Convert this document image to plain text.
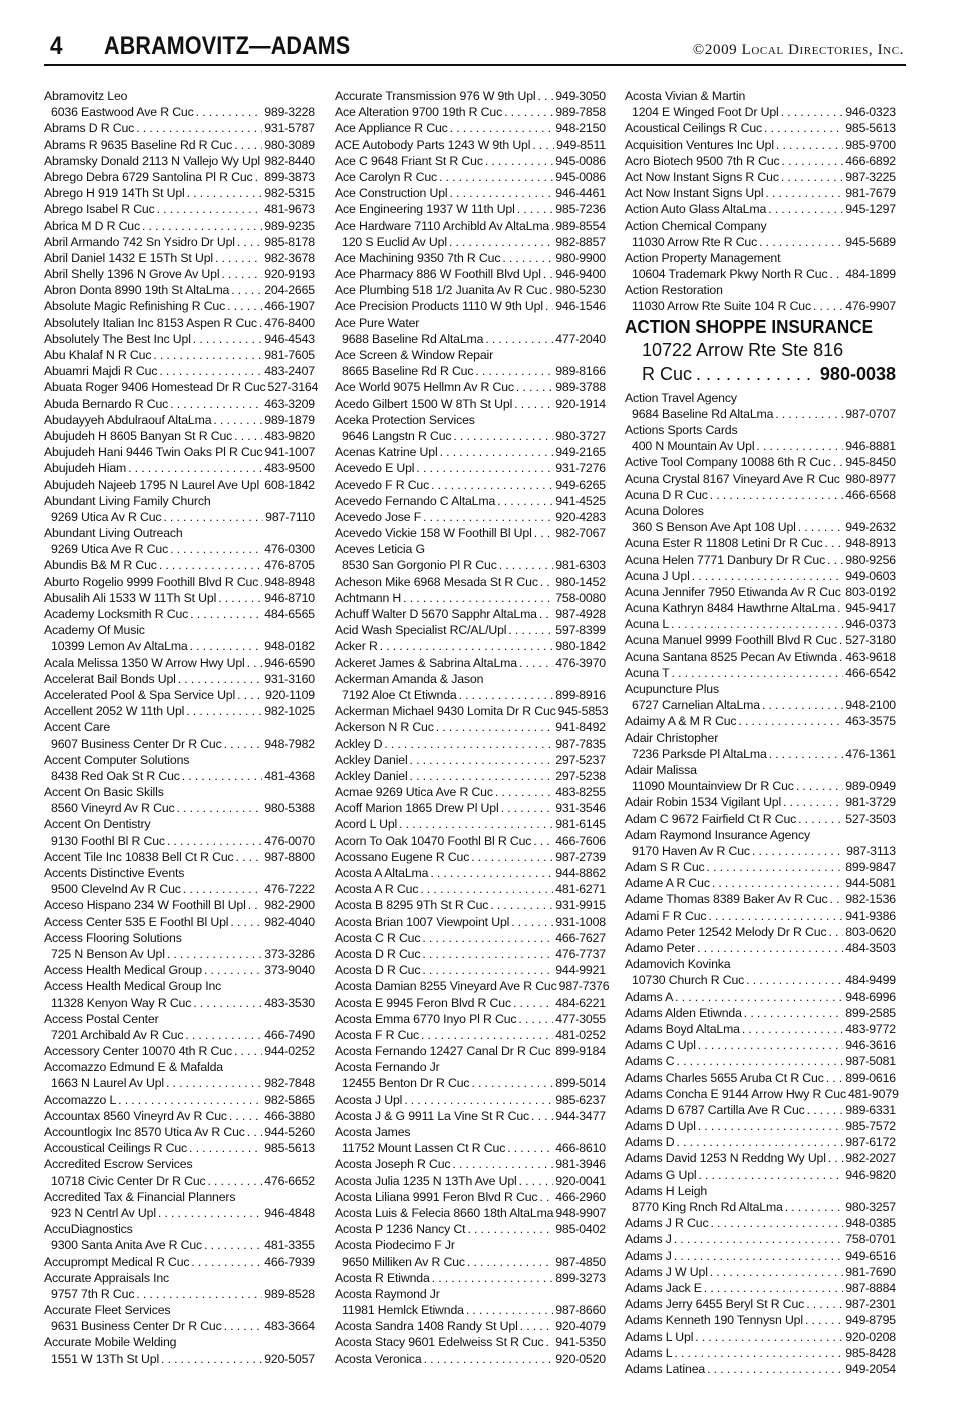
4 ABRAMOVITZ—ADAMS	©2009 Local Directories, Inc.
Abramovitz Leo
6036 Eastwood Ave R Cuc . . .	989-3228
Abrams D R Cuc . . .	931-5787
Abrams R 9635 Baseline Rd R Cuc . . .	980-3089
Abramsky Donald 2113 N Vallejo Wy Upl . . . 982-8440
Abrego Debra 6729 Santolina Pl R Cuc . . . 899-3873
Abrego H 919 14Th St Upl . . .	982-5315
Abrego Isabel R Cuc . . .	481-9673
Abrica M D R Cuc . . .	989-9235
Abril Armando 742 Sn Ysidro Dr Upl . . . 985-8178
Abril Daniel 1432 E 15Th St Upl . . .	982-3678
Abril Shelly 1396 N Grove Av Upl . . .	920-9193
Abron Donta 8990 19th St AltaLma . . .	204-2665
Absolute Magic Refinishing R Cuc . . .	466-1907
Absolutely Italian Inc 8153 Aspen R Cuc . . . 476-8400
Absolutely The Best Inc Upl . . .	946-4543
Abu Khalaf N R Cuc . . .	981-7605
Abuamri Majdi R Cuc . . .	483-2407
Abuata Roger 9406 Homestead Dr R Cuc 527-3164
Abuda Bernardo R Cuc . . .	463-3209
Abudayyeh Abdulraouf AltaLma . . .	989-1879
Abujudeh H 8605 Banyan St R Cuc . . .	483-9820
Abujudeh Hani 9446 Twin Oaks Pl R Cuc 941-1007
Abujudeh Hiam . . .	483-9500
Abujudeh Najeeb 1795 N Laurel Ave Upl . . . 608-1842
Abundant Living Family Church
9269 Utica Av R Cuc . . .	987-7110
Abundant Living Outreach
9269 Utica Ave R Cuc . . .	476-0300
Abundis B& M R Cuc . . .	476-8705
Aburto Rogelio 9999 Foothill Blvd R Cuc . . . 948-8948
Abusalih Ali 1533 W 11Th St Upl . . .	946-8710
Academy Locksmith R Cuc . . .	484-6565
Academy Of Music
10399 Lemon Av AltaLma . . .	948-0182
Acala Melissa 1350 W Arrow Hwy Upl . . . 946-6590
Accelerat Bail Bonds Upl . . .	931-3160
Accelerated Pool & Spa Service Upl . . . 920-1109
Accellent 2052 W 11th Upl . . .	982-1025
Accent Care
9607 Business Center Dr R Cuc . . .	948-7982
Accent Computer Solutions
8438 Red Oak St R Cuc . . .	481-4368
Accent On Basic Skills
8560 Vineyrd Av R Cuc . . .	980-5388
Accent On Dentistry
9130 Foothl Bl R Cuc . . .	476-0070
Accent Tile Inc 10838 Bell Ct R Cuc . . . 987-8800
Accents Distinctive Events
9500 Clevelnd Av R Cuc . . .	476-7222
Acceso Hispano 234 W Foothill Bl Upl . . . 982-2900
Access Center 535 E Foothl Bl Upl . . .	982-4040
Access Flooring Solutions
725 N Benson Av Upl . . .	373-3286
Access Health Medical Group . . .	373-9040
Access Health Medical Group Inc
11328 Kenyon Way R Cuc . . .	483-3530
Access Postal Center
7201 Archibald Av R Cuc . . .	466-7490
Accessory Center 10070 4th R Cuc . . .	944-0252
Accomazzo Edmund E & Mafalda
1663 N Laurel Av Upl . . .	982-7848
Accomazzo L . . .	982-5865
Accountax 8560 Vineyrd Av R Cuc . . .	466-3880
Accountlogix Inc 8570 Utica Av R Cuc . . . 944-5260
Accoustical Ceilings R Cuc . . .	985-5613
Accredited Escrow Services
10718 Civic Center Dr R Cuc . . .	476-6652
Accredited Tax & Financial Planners
923 N Centrl Av Upl . . .	946-4848
AccuDiagnostics
9300 Santa Anita Ave R Cuc . . .	481-3355
Accuprompt Medical R Cuc . . .	466-7939
Accurate Appraisals Inc
9757 7th R Cuc . . .	989-8528
Accurate Fleet Services
9631 Business Center Dr R Cuc . . .	483-3664
Accurate Mobile Welding
1551 W 13Th St Upl . . .	920-5057
Accurate Transmission 976 W 9th Upl . . . 949-3050
Ace Alteration 9700 19th R Cuc . . .	989-7858
Ace Appliance R Cuc . . .	948-2150
ACE Autobody Parts 1243 W 9th Upl . . . 949-8511
Ace C 9648 Friant St R Cuc . . .	945-0086
Ace Carolyn R Cuc . . .	945-0086
Ace Construction Upl . . .	946-4461
Ace Engineering 1937 W 11th Upl . . .	985-7236
Ace Hardware 7110 Archibld Av AltaLma . . . 989-8554
120 S Euclid Av Upl . . .	982-8857
Ace Machining 9350 7th R Cuc . . .	980-9900
Ace Pharmacy 886 W Foothill Blvd Upl . . . 946-9400
Ace Plumbing 518 1/2 Juanita Av R Cuc . . . 980-5230
Ace Precision Products 1110 W 9th Upl . . . 946-1546
Ace Pure Water
9688 Baseline Rd AltaLma . . .	477-2040
Ace Screen & Window Repair
8665 Baseline Rd R Cuc . . .	989-8166
Ace World 9075 Hellmn Av R Cuc . . .	989-3788
Acedo Gilbert 1500 W 8Th St Upl . . .	920-1914
Aceka Protection Services
9646 Langstn R Cuc . . .	980-3727
Acenas Katrine Upl . . .	949-2165
Acevedo E Upl . . .	931-7276
Acevedo F R Cuc . . .	949-6265
Acevedo Fernando C AltaLma . . .	941-4525
Acevedo Jose F . . .	920-4283
Acevedo Vickie 158 W Foothill Bl Upl . . . 982-7067
Aceves Leticia G
8530 San Gorgonio Pl R Cuc . . .	981-6303
Acheson Mike 6968 Mesada St R Cuc . . . 980-1452
Achtmann H . . .	758-0080
Achuff Walter D 5670 Sapphr AltaLma . . . 987-4928
Acid Wash Specialist RC/AL/Upl . . .	597-8399
Acker R . . .	980-1842
Ackeret James & Sabrina AltaLma . . .	476-3970
Ackerman Amanda & Jason
7192 Aloe Ct Etiwnda . . .	899-8916
Ackerman Michael 9430 Lomita Dr R Cuc 945-5853
Ackerson N R Cuc . . .	941-8492
Ackley D . . .	987-7835
Ackley Daniel . . .	297-5237
Ackley Daniel . . .	297-5238
Acmae 9269 Utica Ave R Cuc . . .	483-8255
Acoff Marion 1865 Drew Pl Upl . . .	931-3546
Acord L Upl . . .	981-6145
Acorn To Oak 10470 Foothl Bl R Cuc . . . 466-7606
Acossano Eugene R Cuc . . .	987-2739
Acosta A AltaLma . . .	944-8862
Acosta A R Cuc . . .	481-6271
Acosta B 8295 9Th St R Cuc . . .	931-9915
Acosta Brian 1007 Viewpoint Upl . . .	931-1008
Acosta C R Cuc . . .	466-7627
Acosta D R Cuc . . .	476-7737
Acosta D R Cuc . . .	944-9921
Acosta Damian 8255 Vineyard Ave R Cuc 987-7376
Acosta E 9945 Feron Blvd R Cuc . . .	484-6221
Acosta Emma 6770 Inyo Pl R Cuc . . .	477-3055
Acosta F R Cuc . . .	481-0252
Acosta Fernando 12427 Canal Dr R Cuc . . . 899-9184
Acosta Fernando Jr
12455 Benton Dr R Cuc . . .	899-5014
Acosta J Upl . . .	985-6237
Acosta J & G 9911 La Vine St R Cuc . . . 944-3477
Acosta James
11752 Mount Lassen Ct R Cuc . . .	466-8610
Acosta Joseph R Cuc . . .	981-3946
Acosta Julia 1235 N 13Th Ave Upl . . .	920-0041
Acosta Liliana 9991 Feron Blvd R Cuc . . . 466-2960
Acosta Luis & Felecia 8660 18th AltaLma 948-9907
Acosta P 1236 Nancy Ct . . .	985-0402
Acosta Piodecimo F Jr
9650 Milliken Av R Cuc . . .	987-4850
Acosta R Etiwnda . . .	899-3273
Acosta Raymond Jr
11981 Hemlck Etiwnda . . .	987-8660
Acosta Sandra 1408 Randy St Upl . . .	920-4079
Acosta Stacy 9601 Edelweiss St R Cuc . . . 941-5350
Acosta Veronica . . .	920-0520
Acosta Vivian & Martin
1204 E Winged Foot Dr Upl . . .	946-0323
Acoustical Ceilings R Cuc . . .	985-5613
Acquisition Ventures Inc Upl . . .	985-9700
Acro Biotech 9500 7th R Cuc . . .	466-6892
Act Now Instant Signs R Cuc . . .	987-3225
Act Now Instant Signs Upl . . .	981-7679
Action Auto Glass AltaLma . . .	945-1297
Action Chemical Company
11030 Arrow Rte R Cuc . . .	945-5689
Action Property Management
10604 Trademark Pkwy North R Cuc . . . 484-1899
Action Restoration
11030 Arrow Rte Suite 104 R Cuc . . .	476-9907
ACTION SHOPPE INSURANCE
10722 Arrow Rte Ste 816
R Cuc . . .	980-0038
Action Travel Agency
9684 Baseline Rd AltaLma . . .	987-0707
Actions Sports Cards
400 N Mountain Av Upl . . .	946-8881
Active Tool Company 10088 6th R Cuc . . . 945-8450
Acuna Crystal 8167 Vineyard Ave R Cuc . . . 980-8977
Acuna D R Cuc . . .	466-6568
Acuna Dolores
360 S Benson Ave Apt 108 Upl . . .	949-2632
Acuna Ester R 11808 Letini Dr R Cuc . . . 948-8913
Acuna Helen 7771 Danbury Dr R Cuc . . . 980-9256
Acuna J Upl . . .	949-0603
Acuna Jennifer 7950 Etiwanda Av R Cuc . . . 803-0192
Acuna Kathryn 8484 Hawthrne AltaLma . . . 945-9417
Acuna L . . .	946-0373
Acuna Manuel 9999 Foothill Blvd R Cuc . . . 527-3180
Acuna Santana 8525 Pecan Av Etiwnda . . . 463-9618
Acuna T . . .	466-6542
Acupuncture Plus
6727 Carnelian AltaLma . . .	948-2100
Adaimy A & M R Cuc . . .	463-3575
Adair Christopher
7236 Parksde Pl AltaLma . . .	476-1361
Adair Malissa
11090 Mountainview Dr R Cuc . . .	989-0949
Adair Robin 1534 Vigilant Upl . . .	981-3729
Adam C 9672 Fairfield Ct R Cuc . . .	527-3503
Adam Raymond Insurance Agency
9170 Haven Av R Cuc . . .	987-3113
Adam S R Cuc . . .	899-9847
Adame A R Cuc . . .	944-5081
Adame Thomas 8389 Baker Av R Cuc . . . 982-1536
Adami F R Cuc . . .	941-9386
Adamo Peter 12542 Melody Dr R Cuc . . . 803-0620
Adamo Peter . . .	484-3503
Adamovich Kovinka
10730 Church R Cuc . . .	484-9499
Adams A . . .	948-6996
Adams Alden Etiwnda . . .	899-2585
Adams Boyd AltaLma . . .	483-9772
Adams C Upl . . .	946-3616
Adams C . . .	987-5081
Adams Charles 5655 Aruba Ct R Cuc . . . 899-0616
Adams Concha E 9144 Arrow Hwy R Cuc 481-9079
Adams D 6787 Cartilla Ave R Cuc . . .	989-6331
Adams D Upl . . .	985-7572
Adams D . . .	987-6172
Adams David 1253 N Reddng Wy Upl . . . 982-2027
Adams G Upl . . .	946-9820
Adams H Leigh
8770 King Rnch Rd AltaLma . . .	980-3257
Adams J R Cuc . . .	948-0385
Adams J . . .	758-0701
Adams J . . .	949-6516
Adams J W Upl . . .	981-7690
Adams Jack E . . .	987-8884
Adams Jerry 6455 Beryl St R Cuc . . .	987-2301
Adams Kenneth 190 Tennysn Upl . . .	949-8795
Adams L Upl . . .	920-0208
Adams L . . .	985-8428
Adams Latinea . . .	949-2054
